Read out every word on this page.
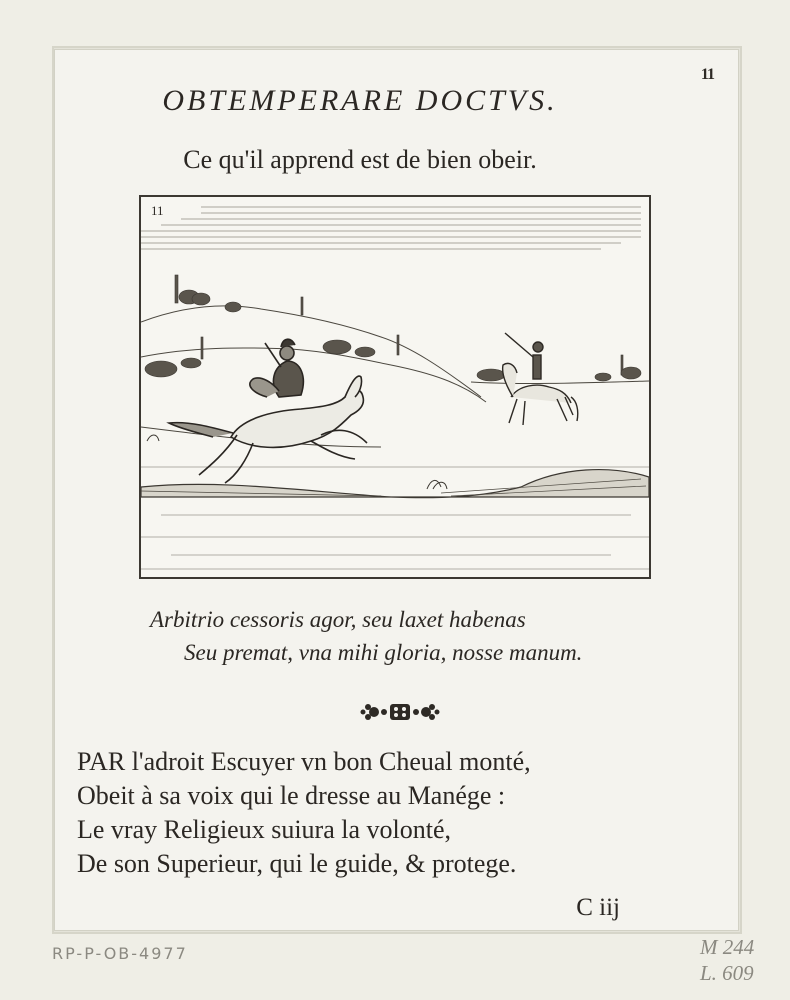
11
OBTEMPERARE DOCTVS.
Ce qu'il apprend est de bien obeir.
11
Arbitrio cessoris agor, seu laxet habenas
Seu premat, vna mihi gloria, nosse manum.
PAR l'adroit Escuyer vn bon Cheual monté,
Obeit à sa voix qui le dresse au Manége :
Le vray Religieux suiura la volonté,
De son Superieur, qui le guide, & protege.
C iij
RP-P-OB-4977	M 244
L. 609
